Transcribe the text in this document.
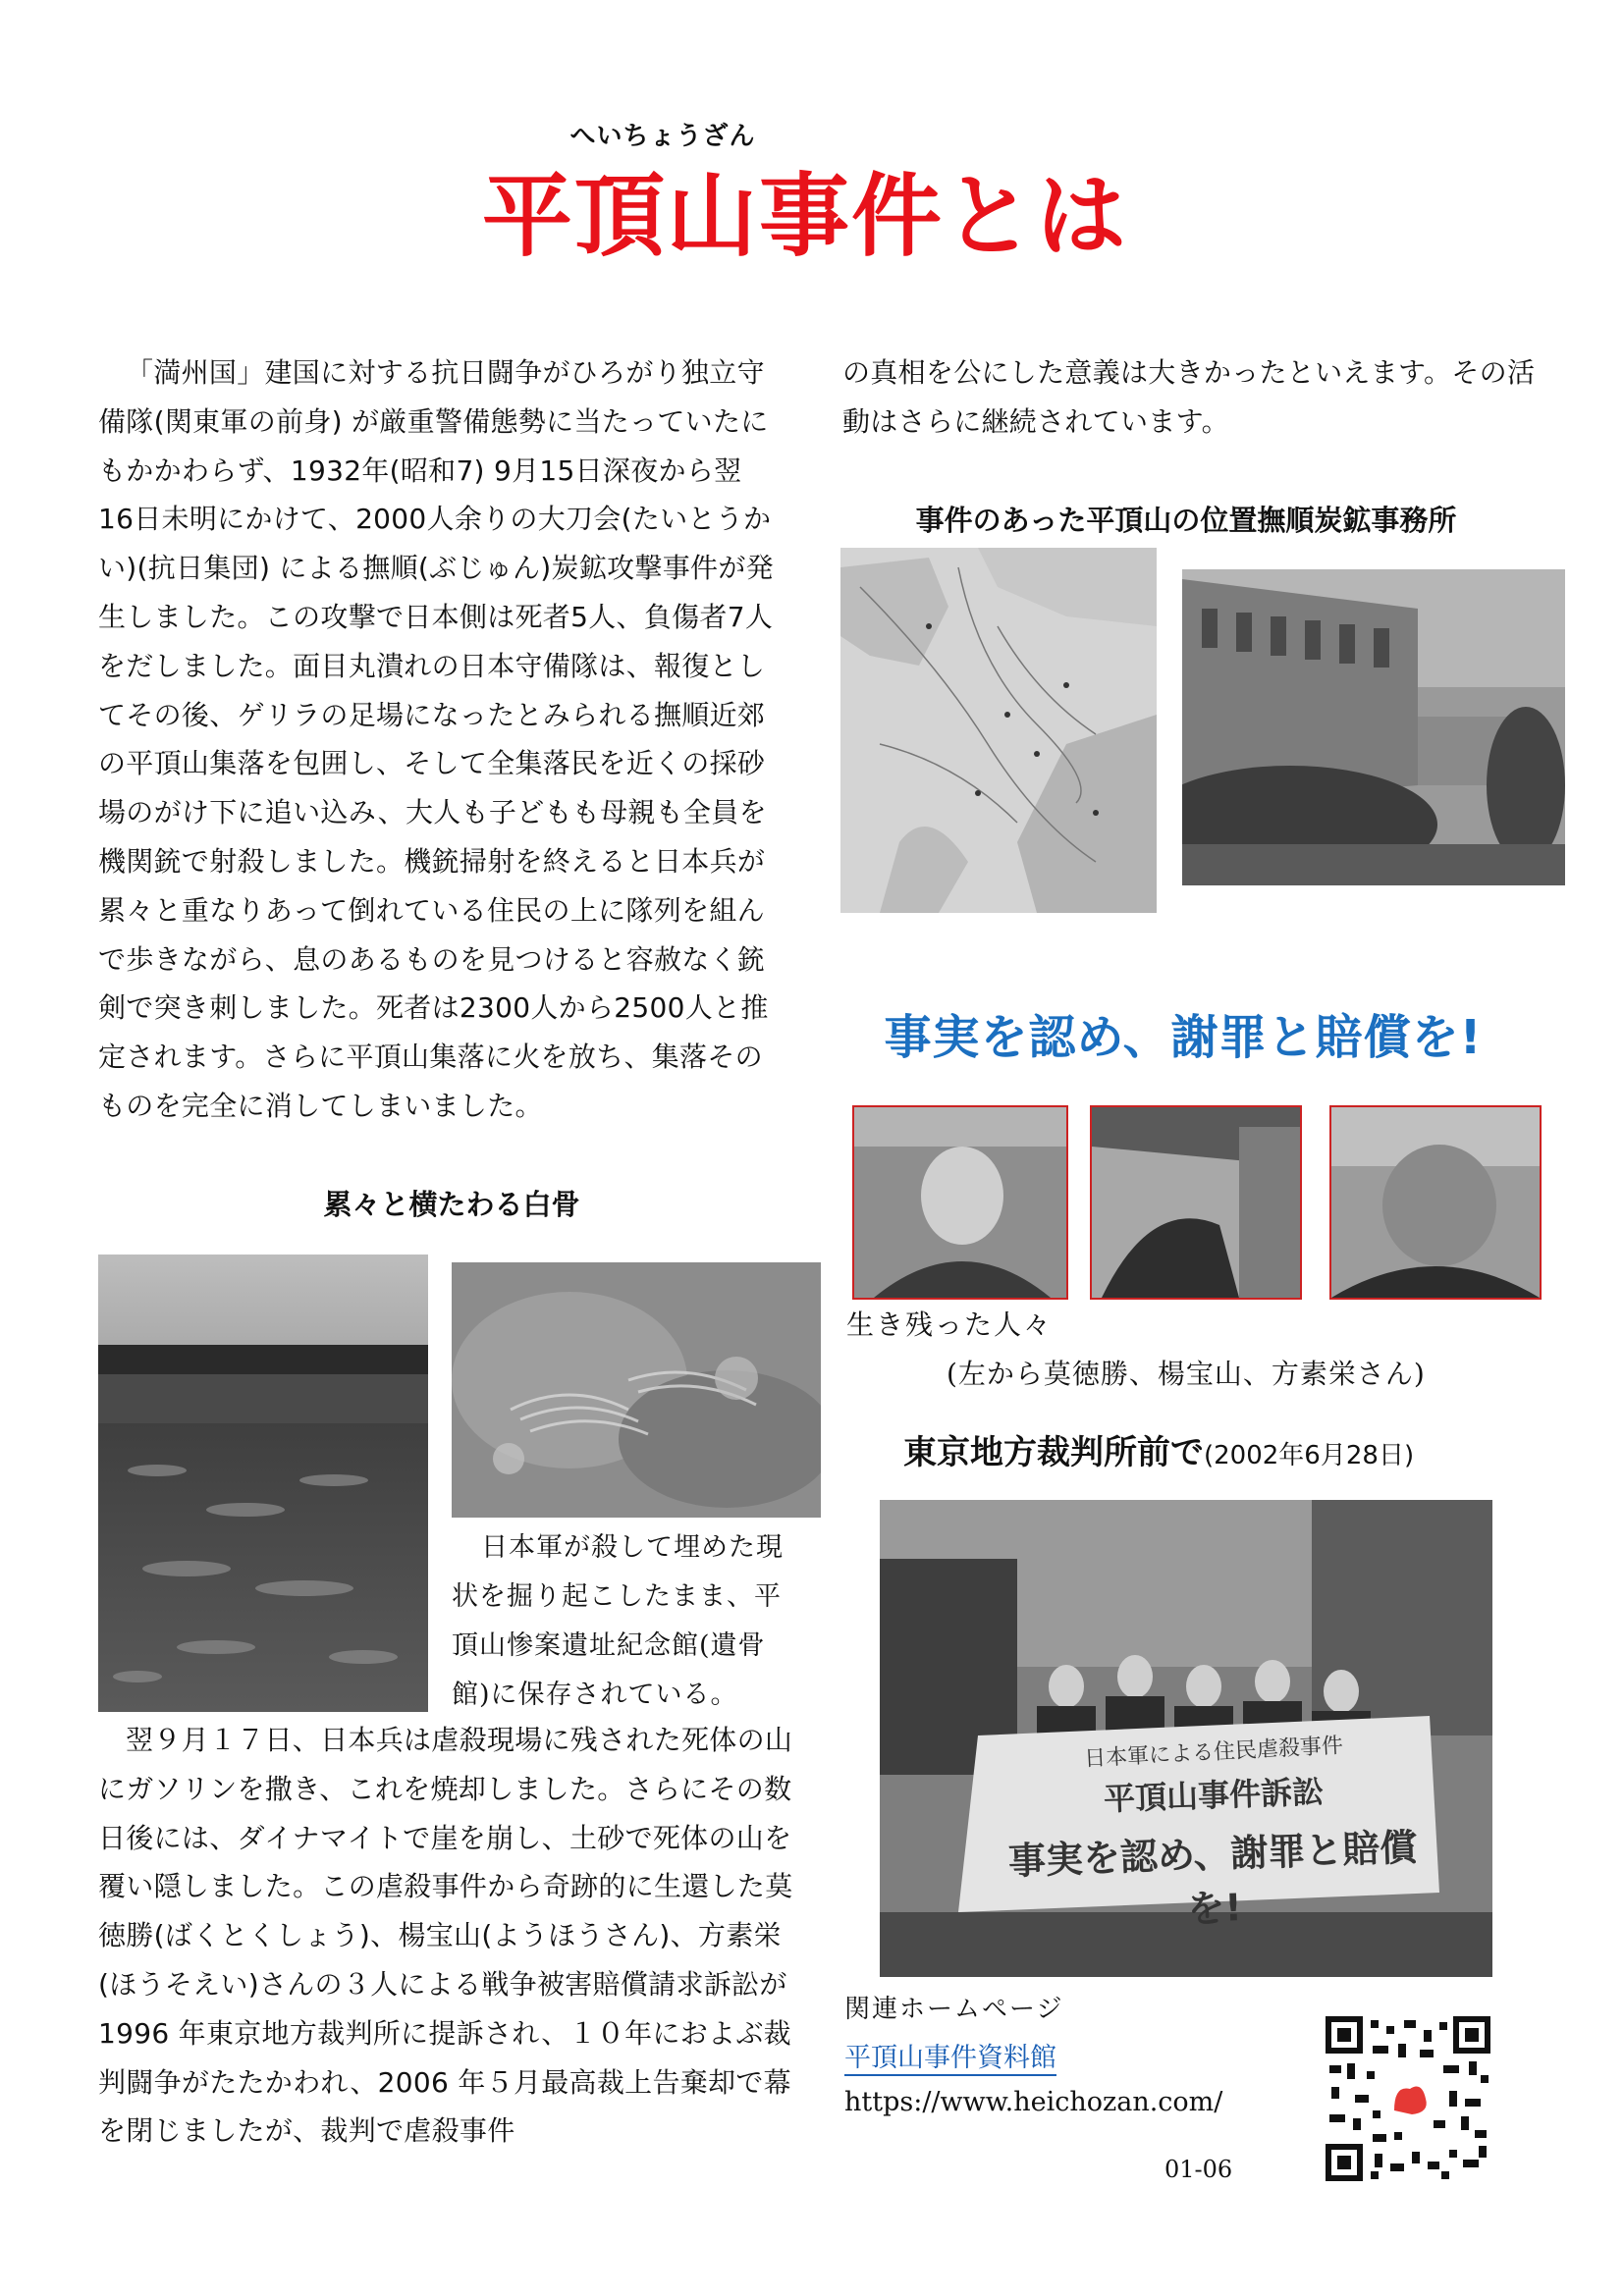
へいちょうざん
平頂山事件とは
「満州国」建国に対する抗日闘争がひろがり独立守備隊(関東軍の前身) が厳重警備態勢に当たっていたにもかかわらず、1932年(昭和7) 9月15日深夜から翌16日未明にかけて、2000人余りの大刀会(たいとうかい)(抗日集団) による撫順(ぶじゅん)炭鉱攻撃事件が発生しました。この攻撃で日本側は死者5人、負傷者7人をだしました。面目丸潰れの日本守備隊は、報復としてその後、ゲリラの足場になったとみられる撫順近郊の平頂山集落を包囲し、そして全集落民を近くの採砂場のがけ下に追い込み、大人も子どもも母親も全員を機関銃で射殺しました。機銃掃射を終えると日本兵が累々と重なりあって倒れている住民の上に隊列を組んで歩きながら、息のあるものを見つけると容赦なく銃剣で突き刺しました。死者は2300人から2500人と推定されます。さらに平頂山集落に火を放ち、集落そのものを完全に消してしまいました。
累々と横たわる白骨
日本軍が殺して埋めた現状を掘り起こしたまま、平頂山惨案遺址紀念館(遺骨館)に保存されている。
翌９月１７日、日本兵は虐殺現場に残された死体の山にガソリンを撒き、これを焼却しました。さらにその数日後には、ダイナマイトで崖を崩し、土砂で死体の山を覆い隠しました。この虐殺事件から奇跡的に生還した莫徳勝(ばくとくしょう)、楊宝山(ようほうさん)、方素栄(ほうそえい)さんの３人による戦争被害賠償請求訴訟が 1996 年東京地方裁判所に提訴され、１０年におよぶ裁判闘争がたたかわれ、2006 年５月最高裁上告棄却で幕を閉じましたが、裁判で虐殺事件
の真相を公にした意義は大きかったといえます。その活動はさらに継続されています。
事件のあった平頂山の位置撫順炭鉱事務所
事実を認め、謝罪と賠償を!
生き残った人々
(左から莫徳勝、楊宝山、方素栄さん)
東京地方裁判所前で(2002年6月28日)
日本軍による住民虐殺事件
平頂山事件訴訟
事実を認め、謝罪と賠償を!
関連ホームページ
平頂山事件資料館
https://www.heichozan.com/
01-06
